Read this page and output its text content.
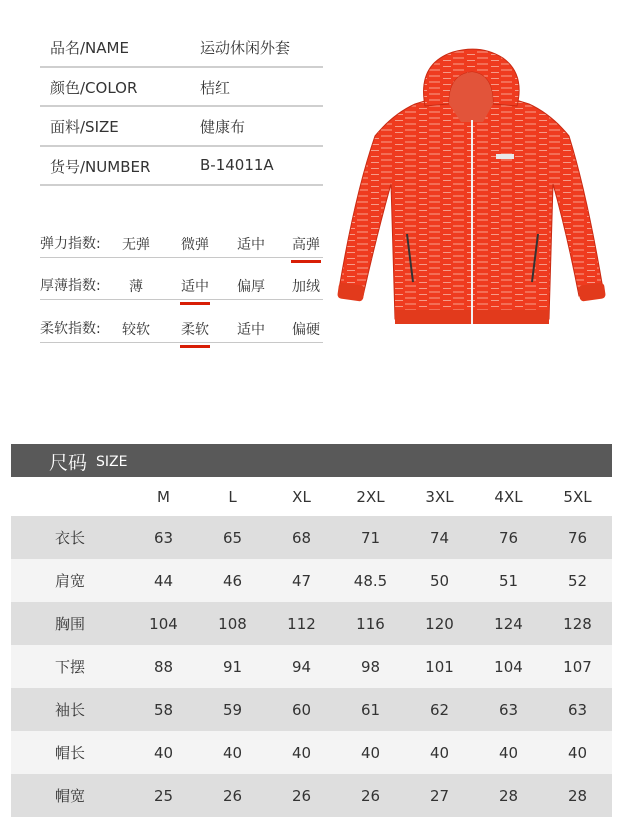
品名/NAME	运动休闲外套
颜色/COLOR	桔红
面料/SIZE	健康布
货号/NUMBER	B-14011A
弹力指数:	无弹	微弹	适中	高弹
厚薄指数:	薄	适中	偏厚	加绒
柔软指数:	较软	柔软	适中	偏硬
尺码 SIZE
	M	L	XL	2XL	3XL	4XL	5XL
衣长	63	65	68	71	74	76	76
肩宽	44	46	47	48.5	50	51	52
胸围	104	108	112	116	120	124	128
下摆	88	91	94	98	101	104	107
袖长	58	59	60	61	62	63	63
帽长	40	40	40	40	40	40	40
帽宽	25	26	26	26	27	28	28
